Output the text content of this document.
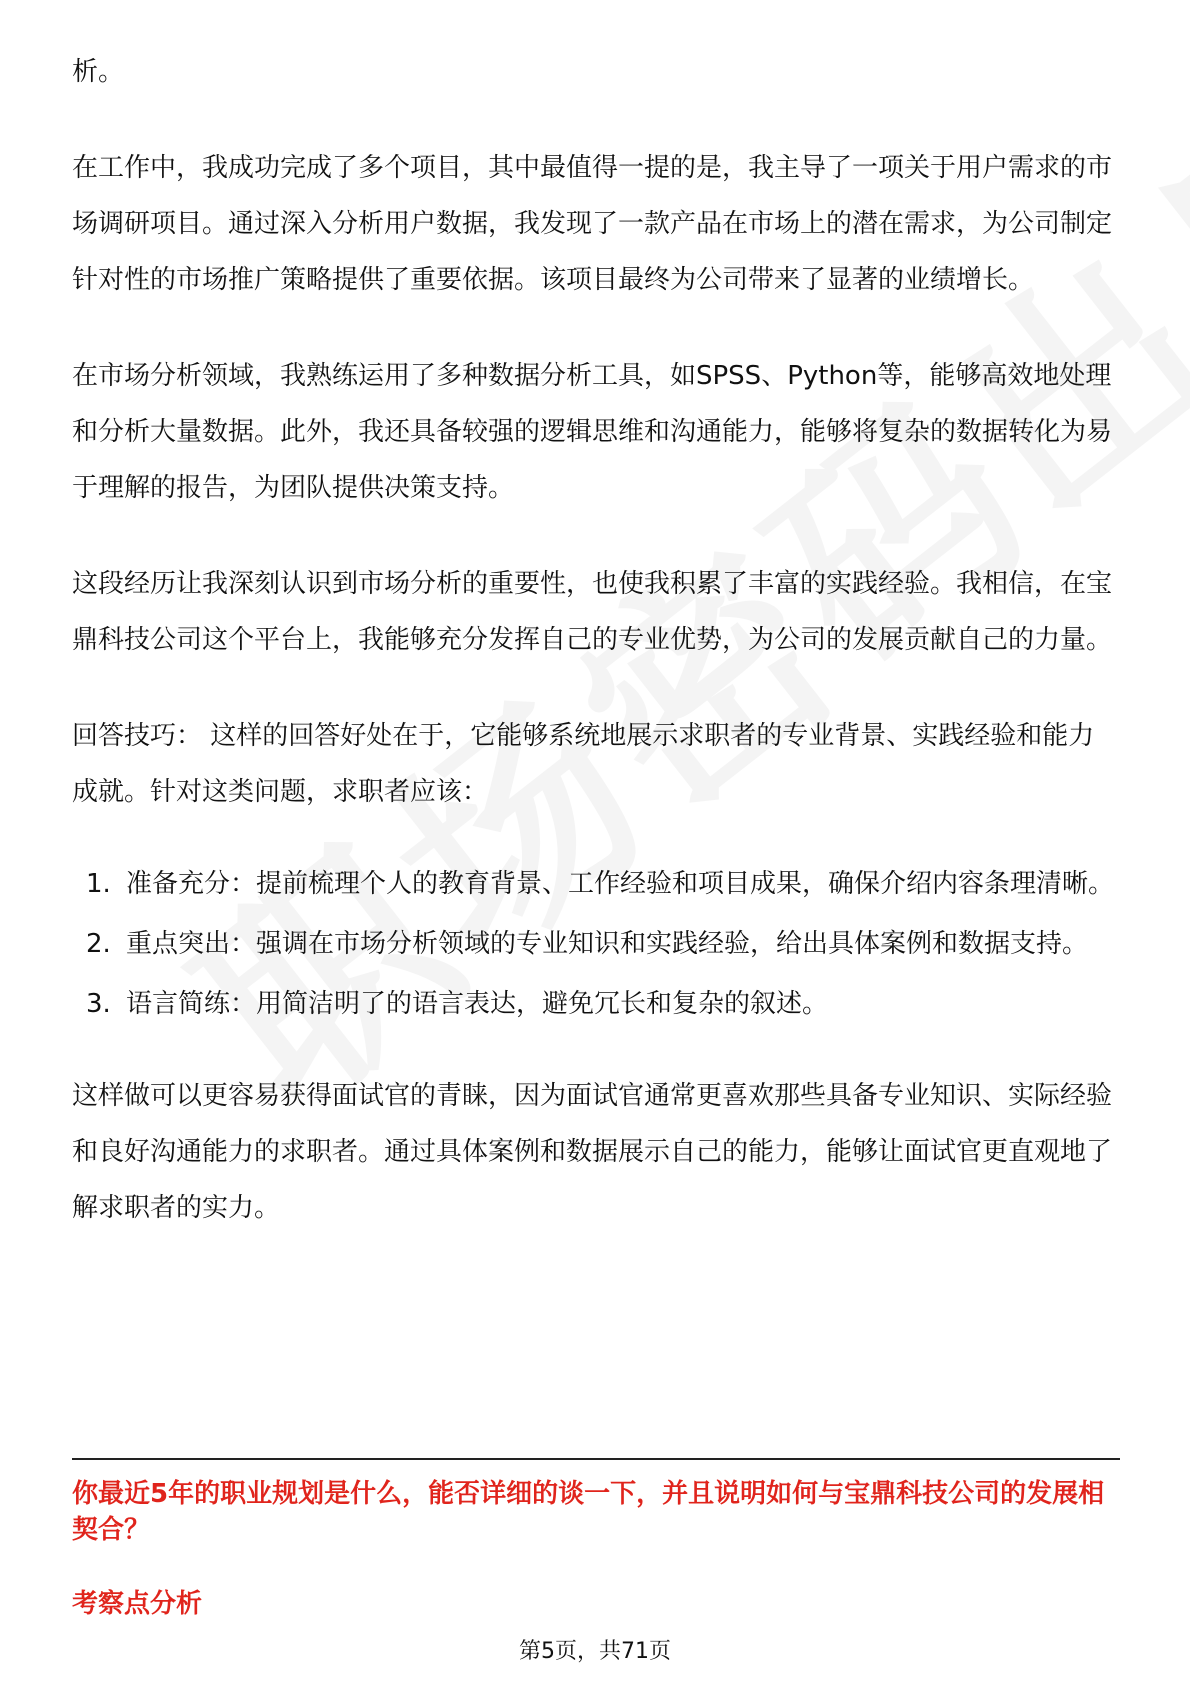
析。

在工作中，我成功完成了多个项目，其中最值得一提的是，我主导了一项关于用户需求的市场调研项目。通过深入分析用户数据，我发现了一款产品在市场上的潜在需求，为公司制定针对性的市场推广策略提供了重要依据。该项目最终为公司带来了显著的业绩增长。

在市场分析领域，我熟练运用了多种数据分析工具，如SPSS、Python等，能够高效地处理和分析大量数据。此外，我还具备较强的逻辑思维和沟通能力，能够将复杂的数据转化为易于理解的报告，为团队提供决策支持。

这段经历让我深刻认识到市场分析的重要性，也使我积累了丰富的实践经验。我相信，在宝鼎科技公司这个平台上，我能够充分发挥自己的专业优势，为公司的发展贡献自己的力量。

回答技巧： 这样的回答好处在于，它能够系统地展示求职者的专业背景、实践经验和能力成就。针对这类问题，求职者应该：

1. 准备充分：提前梳理个人的教育背景、工作经验和项目成果，确保介绍内容条理清晰。
2. 重点突出：强调在市场分析领域的专业知识和实践经验，给出具体案例和数据支持。
3. 语言简练：用简洁明了的语言表达，避免冗长和复杂的叙述。

这样做可以更容易获得面试官的青睐，因为面试官通常更喜欢那些具备专业知识、实际经验和良好沟通能力的求职者。通过具体案例和数据展示自己的能力，能够让面试官更直观地了解求职者的实力。

你最近5年的职业规划是什么，能否详细的谈一下，并且说明如何与宝鼎科技公司的发展相契合？
考察点分析
第5页，共71页
